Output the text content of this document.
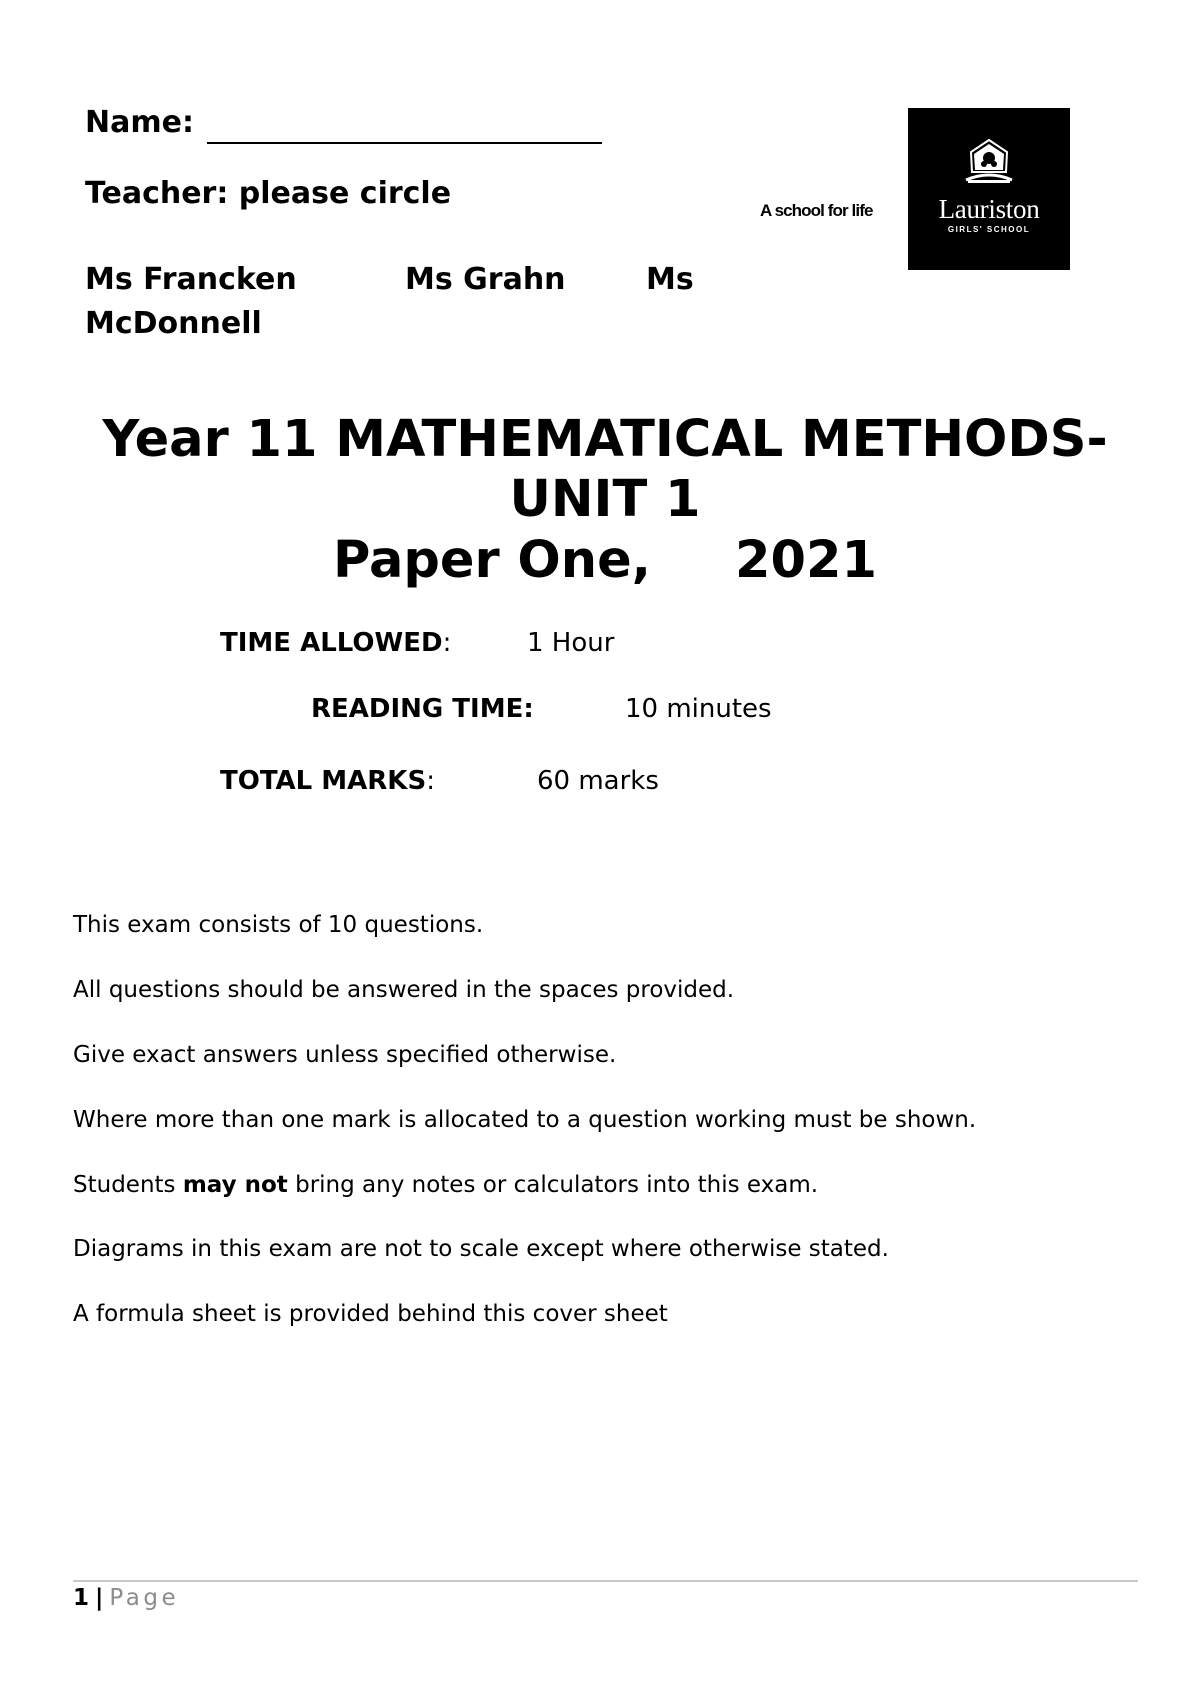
Name:
Teacher: please circle
Ms Francken	Ms Grahn	Ms
McDonnell
A school for life	Lauriston
GIRLS' SCHOOL
Year 11 MATHEMATICAL METHODS-
UNIT 1
Paper One, 2021
TIME ALLOWED:	1 Hour
READING TIME:	10 minutes
TOTAL MARKS:	60 marks
This exam consists of 10 questions.
All questions should be answered in the spaces provided.
Give exact answers unless specified otherwise.
Where more than one mark is allocated to a question working must be shown.
Students may not bring any notes or calculators into this exam.
Diagrams in this exam are not to scale except where otherwise stated.
A formula sheet is provided behind this cover sheet
1 | Page
